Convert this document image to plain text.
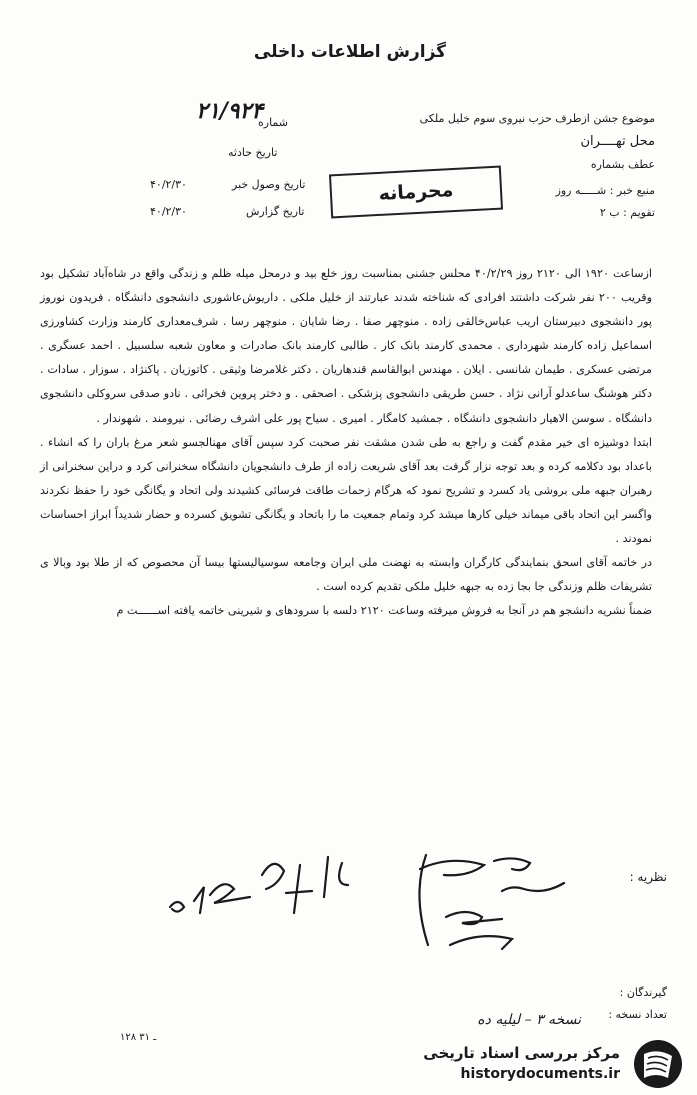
گزارش اطلاعات داخلی
موضوع جشن ازطرف حزب نیروی سوم خلیل ملکی
محل تهــــران
عطف بشماره
منبع خبر : شـــــه روز
تقویم : ب ۲
شماره
۲۱/۹۲۴
تاریخ حادثه
تاریخ وصول خبر
۴۰/۲/۳۰
تاریخ گزارش
۴۰/۲/۳۰
محرمانه

ازساعت ۱۹۲۰ الی ۲۱۲۰ روز ۴۰/۲/۲۹ محلس جشنی بمناسبت روز خلع بید و درمحل میله ظلم و زندگی واقع در شاه‌آباد تشکیل بود وقریب ۲۰۰ نفر شرکت داشتند افرادی که شناخته شدند عبارتند از خلیل ملکی . داریوش‌عاشوری دانشجوی دانشگاه . فریدون نوروز پور دانشجوی دبیرستان اریب عباس‌خالقی زاده . منوچهر صفا . رضا شایان . منوچهر رسا . شرف‌معداری کارمند وزارت کشاورزی اسماعیل زاده کارمند شهرداری . محمدی کارمند بانک کار . طالبی کارمند بانک صادرات و معاون شعبه سلسبیل . احمد عسگری . مرتضی عسکری . طیمان شانسی . ایلان . مهندس ابوالقاسم قندهاریان . دکتر غلامرضا وثیقی . کاتوزیان . پاکنژاد . سوزار . سادات . دکتر هوشنگ ساعدلو آرانی نژاد . حسن طریقی دانشجوی پزشکی . اصحقی . و دختر پروین فخرائی . نادو صدقی سروکلی دانشجوی دانشگاه . سوسن الاهیار دانشجوی دانشگاه . جمشید کامگار . امیری . سیاح پور علی اشرف رضائی . نیرومند . شهوندار .

ابتدا دوشیزه ای خیر مقدم گفت و راجع به طی شدن مشقت نفر صحبت کرد سپس آقای مهنالجسو شعر مرغ باران را که انشاء . باعداد بود دکلامه کرده و بعد توجه نزار گرفت بعد آقای شریعت زاده از طرف دانشجویان دانشگاه سخنرانی کرد و دراین سخنرانی از رهبران جبهه ملی بروشی یاد کسرد و تشریح نمود که هرگام زحمات طاقت فرسائی کشیدند ولی اتحاد و یگانگی خود را حفظ نکردند واگسر این اتحاد باقی میماند خیلی کارها میشد کرد وتمام جمعیت ما را باتحاد و یگانگی تشویق کسرده و حضار شدیداً ابراز احساسات نمودند .

در خاتمه آقای اسحق بنمایندگی کارگران وابسته به نهضت ملی ایران وجامعه سوسیالیستها بیسا آن محصوص که از طلا بود وبالا ی تشریفات ظلم وزندگی جا بجا زده به جبهه خلیل ملکی تقدیم کرده است .

ضمناً نشریه دانشجو هم در آنجا به فروش میرفته وساعت ۲۱۲۰ دلسه با سرودهای و شیرینی خاتمه یافته اســــــت م

نظریه :
گیرندگان :
تعداد نسخه :
نسخه ۳ – لیلیه ده
۱۲۸ ـ ۳۱
مرکز بررسی اسناد تاریخی
historydocuments.ir
